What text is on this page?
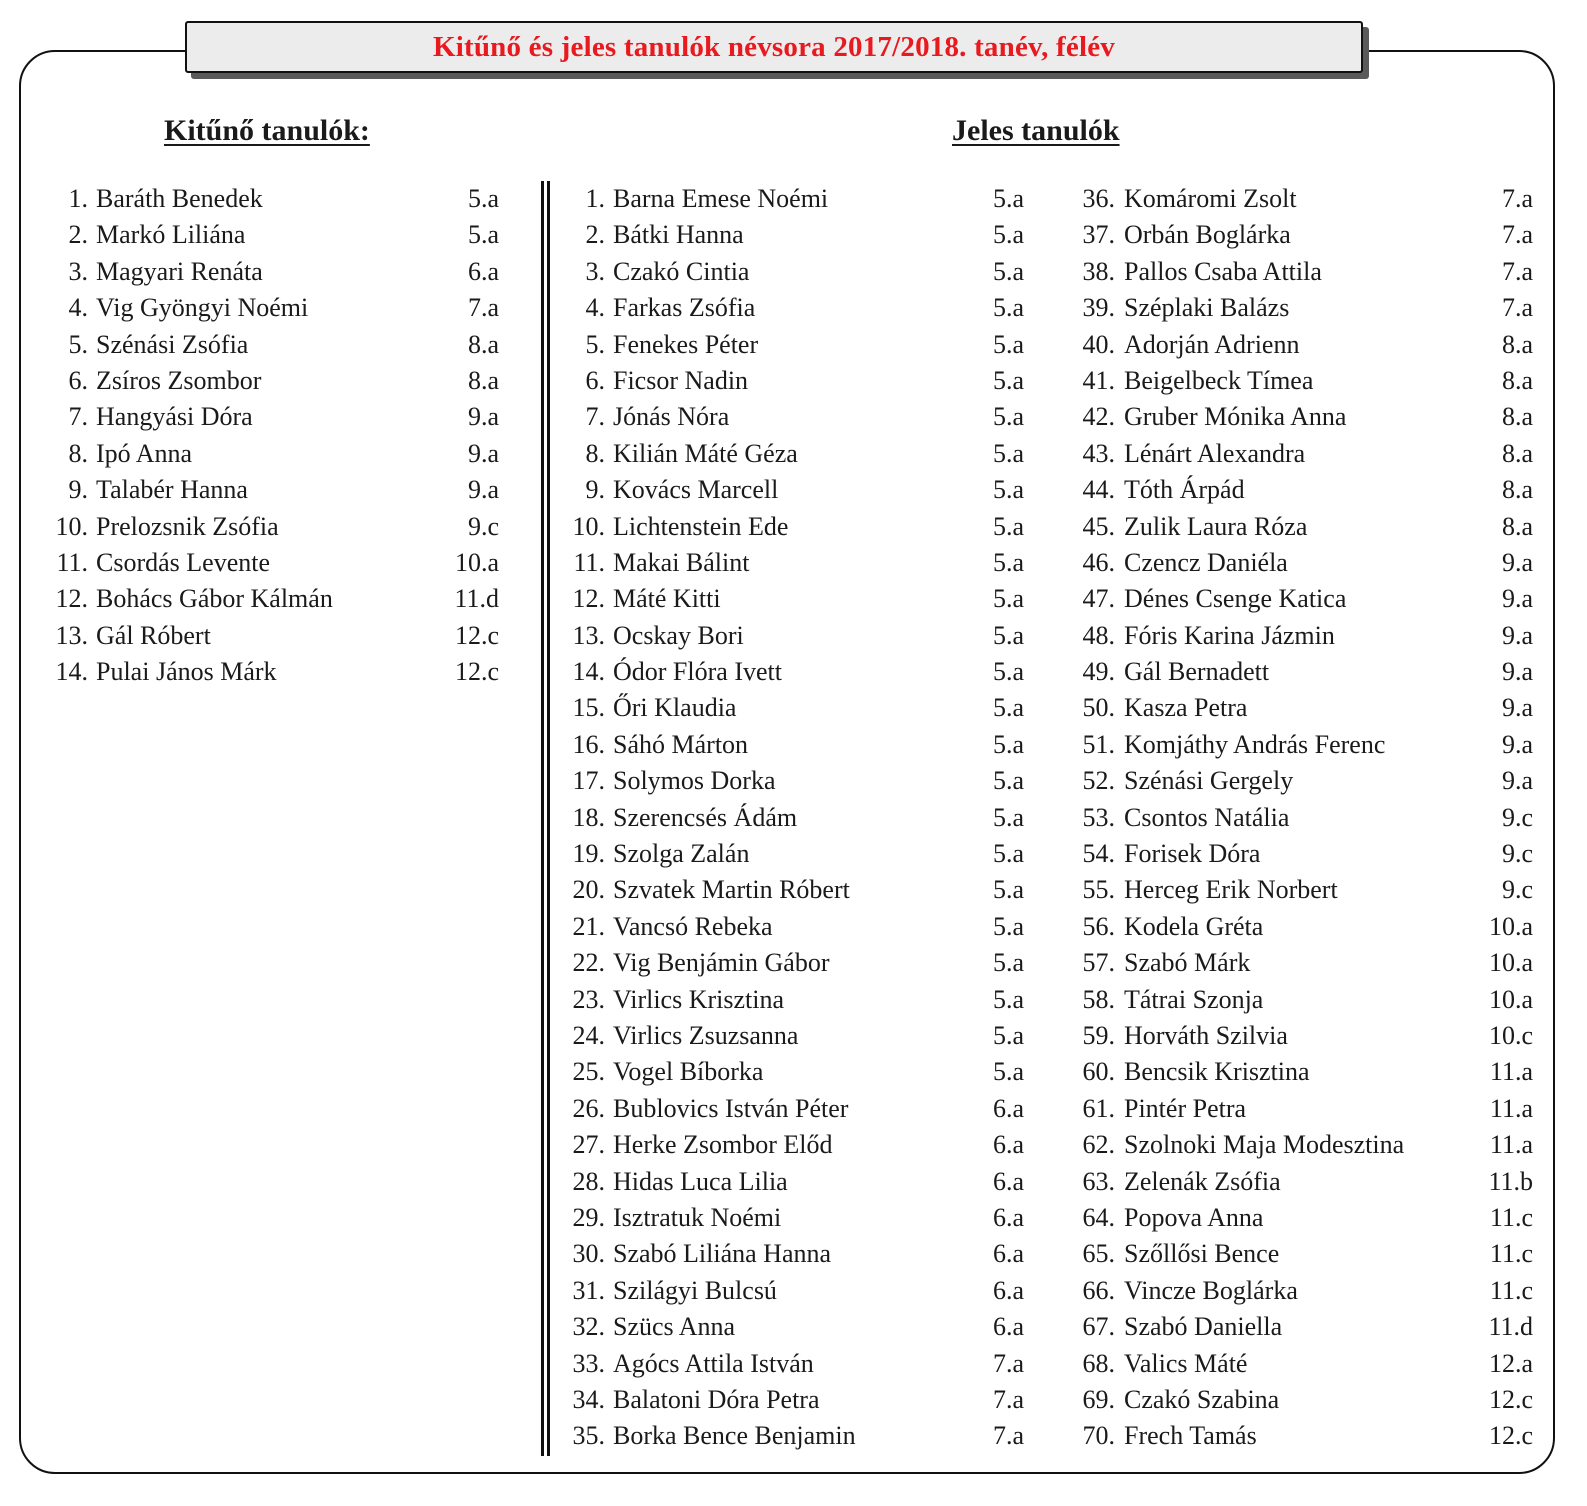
Kitűnő és jeles tanulók névsora 2017/2018. tanév, félév
Kitűnő tanulók:	Jeles tanulók
1. Baráth Benedek	5.a
2. Markó Liliána	5.a
3. Magyari Renáta	6.a
4. Vig Gyöngyi Noémi	7.a
5. Szénási Zsófia	8.a
6. Zsíros Zsombor	8.a
7. Hangyási Dóra	9.a
8. Ipó Anna	9.a
9. Talabér Hanna	9.a
10. Prelozsnik Zsófia	9.c
11. Csordás Levente	10.a
12. Bohács Gábor Kálmán	11.d
13. Gál Róbert	12.c
14. Pulai János Márk	12.c
1. Barna Emese Noémi	5.a
2. Bátki Hanna	5.a
3. Czakó Cintia	5.a
4. Farkas Zsófia	5.a
5. Fenekes Péter	5.a
6. Ficsor Nadin	5.a
7. Jónás Nóra	5.a
8. Kilián Máté Géza	5.a
9. Kovács Marcell	5.a
10. Lichtenstein Ede	5.a
11. Makai Bálint	5.a
12. Máté Kitti	5.a
13. Ocskay Bori	5.a
14. Ódor Flóra Ivett	5.a
15. Őri Klaudia	5.a
16. Sáhó Márton	5.a
17. Solymos Dorka	5.a
18. Szerencsés Ádám	5.a
19. Szolga Zalán	5.a
20. Szvatek Martin Róbert	5.a
21. Vancsó Rebeka	5.a
22. Vig Benjámin Gábor	5.a
23. Virlics Krisztina	5.a
24. Virlics Zsuzsanna	5.a
25. Vogel Bíborka	5.a
26. Bublovics István Péter	6.a
27. Herke Zsombor Előd	6.a
28. Hidas Luca Lilia	6.a
29. Isztratuk Noémi	6.a
30. Szabó Liliána Hanna	6.a
31. Szilágyi Bulcsú	6.a
32. Szücs Anna	6.a
33. Agócs Attila István	7.a
34. Balatoni Dóra Petra	7.a
35. Borka Bence Benjamin	7.a
36. Komáromi Zsolt	7.a
37. Orbán Boglárka	7.a
38. Pallos Csaba Attila	7.a
39. Széplaki Balázs	7.a
40. Adorján Adrienn	8.a
41. Beigelbeck Tímea	8.a
42. Gruber Mónika Anna	8.a
43. Lénárt Alexandra	8.a
44. Tóth Árpád	8.a
45. Zulik Laura Róza	8.a
46. Czencz Daniéla	9.a
47. Dénes Csenge Katica	9.a
48. Fóris Karina Jázmin	9.a
49. Gál Bernadett	9.a
50. Kasza Petra	9.a
51. Komjáthy András Ferenc	9.a
52. Szénási Gergely	9.a
53. Csontos Natália	9.c
54. Forisek Dóra	9.c
55. Herceg Erik Norbert	9.c
56. Kodela Gréta	10.a
57. Szabó Márk	10.a
58. Tátrai Szonja	10.a
59. Horváth Szilvia	10.c
60. Bencsik Krisztina	11.a
61. Pintér Petra	11.a
62. Szolnoki Maja Modesztina	11.a
63. Zelenák Zsófia	11.b
64. Popova Anna	11.c
65. Szőllősi Bence	11.c
66. Vincze Boglárka	11.c
67. Szabó Daniella	11.d
68. Valics Máté	12.a
69. Czakó Szabina	12.c
70. Frech Tamás	12.c
